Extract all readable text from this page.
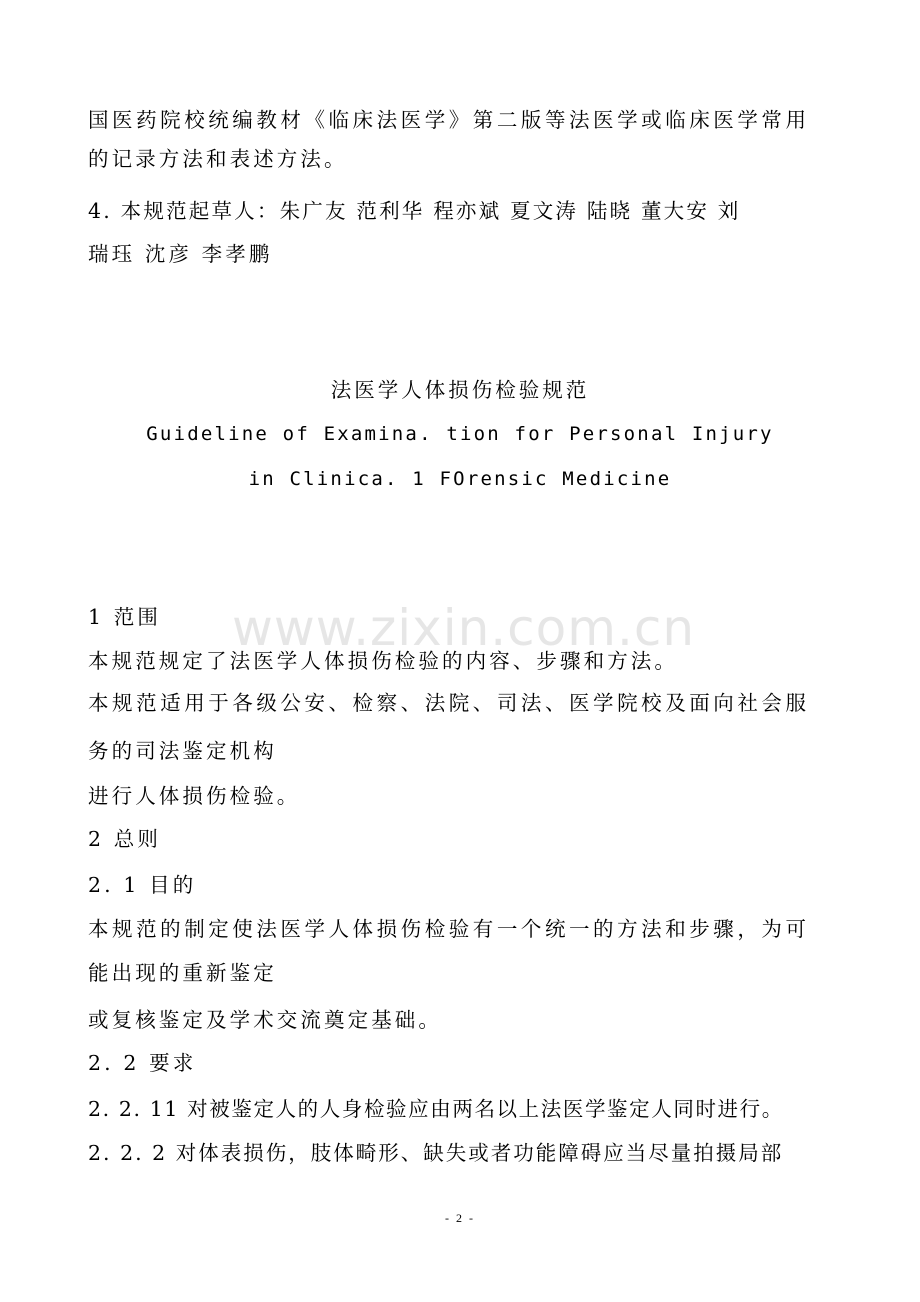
www.zixin.com.cn
国医药院校统编教材《临床法医学》第二版等法医学或临床医学常用
的记录方法和表述方法。
4. 本规范起草人：朱广友 范利华 程亦斌 夏文涛 陆晓 董大安 刘
瑞珏 沈彦 李孝鹏
法医学人体损伤检验规范
Guideline of Examina. tion for Personal Injury
in Clinica. 1 FOrensic Medicine
1 范围
本规范规定了法医学人体损伤检验的内容、步骤和方法。
本规范适用于各级公安、检察、法院、司法、医学院校及面向社会服
务的司法鉴定机构
进行人体损伤检验。
2 总则
2. 1 目的
本规范的制定使法医学人体损伤检验有一个统一的方法和步骤，为可
能出现的重新鉴定
或复核鉴定及学术交流奠定基础。
2. 2 要求
2. 2. 11 对被鉴定人的人身检验应由两名以上法医学鉴定人同时进行。
2. 2. 2 对体表损伤，肢体畸形、缺失或者功能障碍应当尽量拍摄局部
- 2 -
